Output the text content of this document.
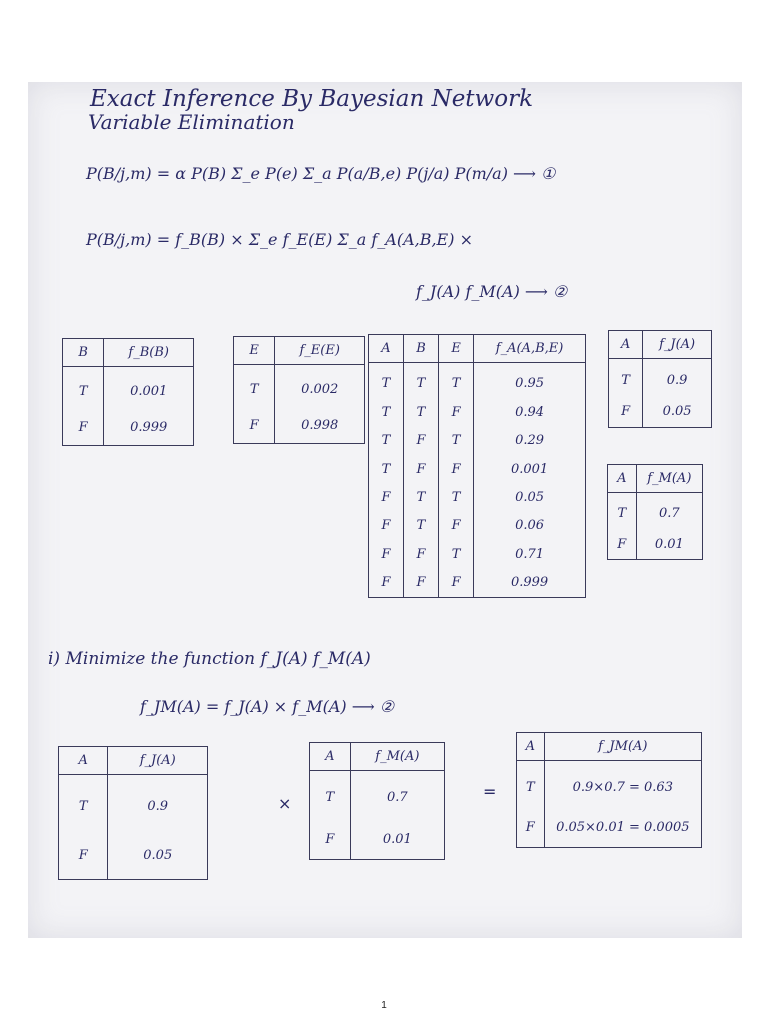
Exact Inference By Bayesian Network
Variable Elimination
P(B/j,m) = α P(B) Σ_e P(e) Σ_a P(a/B,e) P(j/a) P(m/a) ⟶ ①
P(B/j,m) = f_B(B) × Σ_e f_E(E) Σ_a f_A(A,B,E) ×
f_J(A) f_M(A) ⟶ ②
B	f_B(B)
T	0.001
F	0.999
E	f_E(E)
T	0.002
F	0.998
A	B	E	f_A(A,B,E)
T	T	T	0.95
T	T	F	0.94
T	F	T	0.29
T	F	F	0.001
F	T	T	0.05
F	T	F	0.06
F	F	T	0.71
F	F	F	0.999
A	f_J(A)
T	0.9
F	0.05
A	f_M(A)
T	0.7
F	0.01
i) Minimize the function f_J(A) f_M(A)
f_JM(A) = f_J(A) × f_M(A) ⟶ ②
A	f_J(A)
T	0.9
F	0.05
×
A	f_M(A)
T	0.7
F	0.01
=
A	f_JM(A)
T	0.9×0.7 = 0.63
F	0.05×0.01 = 0.0005
1
